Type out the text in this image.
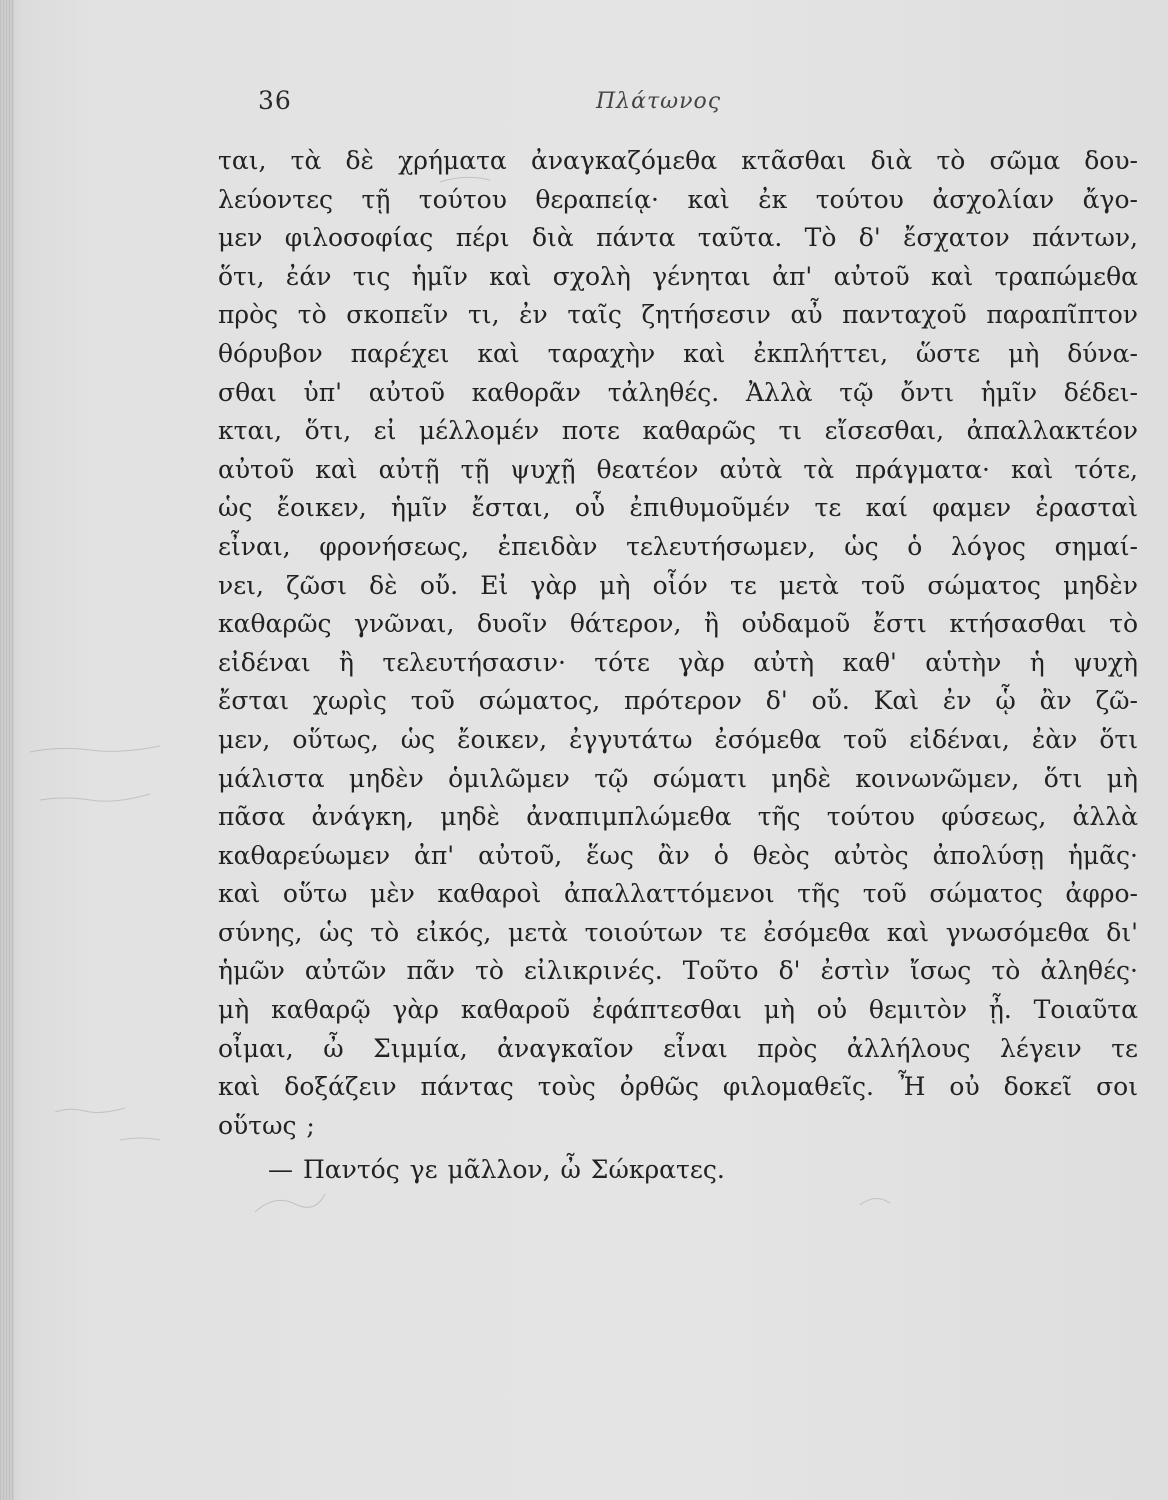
36	Πλάτωνος
ται, τὰ δὲ χρήματα ἀναγκαζόμεθα κτᾶσθαι διὰ τὸ σῶμα δου-
λεύοντες τῇ τούτου θεραπείᾳ· καὶ ἐκ τούτου ἀσχολίαν ἄγο-
μεν φιλοσοφίας πέρι διὰ πάντα ταῦτα. Τὸ δ' ἔσχατον πάντων,
ὅτι, ἐάν τις ἡμῖν καὶ σχολὴ γένηται ἀπ' αὐτοῦ καὶ τραπώμεθα
πρὸς τὸ σκοπεῖν τι, ἐν ταῖς ζητήσεσιν αὖ πανταχοῦ παραπῖπτον
θόρυβον παρέχει καὶ ταραχὴν καὶ ἐκπλήττει, ὥστε μὴ δύνα-
σθαι ὑπ' αὐτοῦ καθορᾶν τἀληθές. Ἀλλὰ τῷ ὄντι ἡμῖν δέδει-
κται, ὅτι, εἰ μέλλομέν ποτε καθαρῶς τι εἴσεσθαι, ἀπαλλακτέον
αὐτοῦ καὶ αὐτῇ τῇ ψυχῇ θεατέον αὐτὰ τὰ πράγματα· καὶ τότε,
ὡς ἔοικεν, ἡμῖν ἔσται, οὗ ἐπιθυμοῦμέν τε καί φαμεν ἐρασταὶ
εἶναι, φρονήσεως, ἐπειδὰν τελευτήσωμεν, ὡς ὁ λόγος σημαί-
νει, ζῶσι δὲ οὔ. Εἰ γὰρ μὴ οἷόν τε μετὰ τοῦ σώματος μηδὲν
καθαρῶς γνῶναι, δυοῖν θάτερον, ἢ οὐδαμοῦ ἔστι κτήσασθαι τὸ
εἰδέναι ἢ τελευτήσασιν· τότε γὰρ αὐτὴ καθ' αὑτὴν ἡ ψυχὴ
ἔσται χωρὶς τοῦ σώματος, πρότερον δ' οὔ. Καὶ ἐν ᾧ ἂν ζῶ-
μεν, οὕτως, ὡς ἔοικεν, ἐγγυτάτω ἐσόμεθα τοῦ εἰδέναι, ἐὰν ὅτι
μάλιστα μηδὲν ὁμιλῶμεν τῷ σώματι μηδὲ κοινωνῶμεν, ὅτι μὴ
πᾶσα ἀνάγκη, μηδὲ ἀναπιμπλώμεθα τῆς τούτου φύσεως, ἀλλὰ
καθαρεύωμεν ἀπ' αὐτοῦ, ἕως ἂν ὁ θεὸς αὐτὸς ἀπολύσῃ ἡμᾶς·
καὶ οὕτω μὲν καθαροὶ ἀπαλλαττόμενοι τῆς τοῦ σώματος ἀφρο-
σύνης, ὡς τὸ εἰκός, μετὰ τοιούτων τε ἐσόμεθα καὶ γνωσόμεθα δι'
ἡμῶν αὐτῶν πᾶν τὸ εἰλικρινές. Τοῦτο δ' ἐστὶν ἴσως τὸ ἀληθές·
μὴ καθαρῷ γὰρ καθαροῦ ἐφάπτεσθαι μὴ οὐ θεμιτὸν ᾖ. Τοιαῦτα
οἶμαι, ὦ Σιμμία, ἀναγκαῖον εἶναι πρὸς ἀλλήλους λέγειν τε
καὶ δοξάζειν πάντας τοὺς ὀρθῶς φιλομαθεῖς. Ἦ οὐ δοκεῖ σοι
οὕτως ;
— Παντός γε μᾶλλον, ὦ Σώκρατες.
